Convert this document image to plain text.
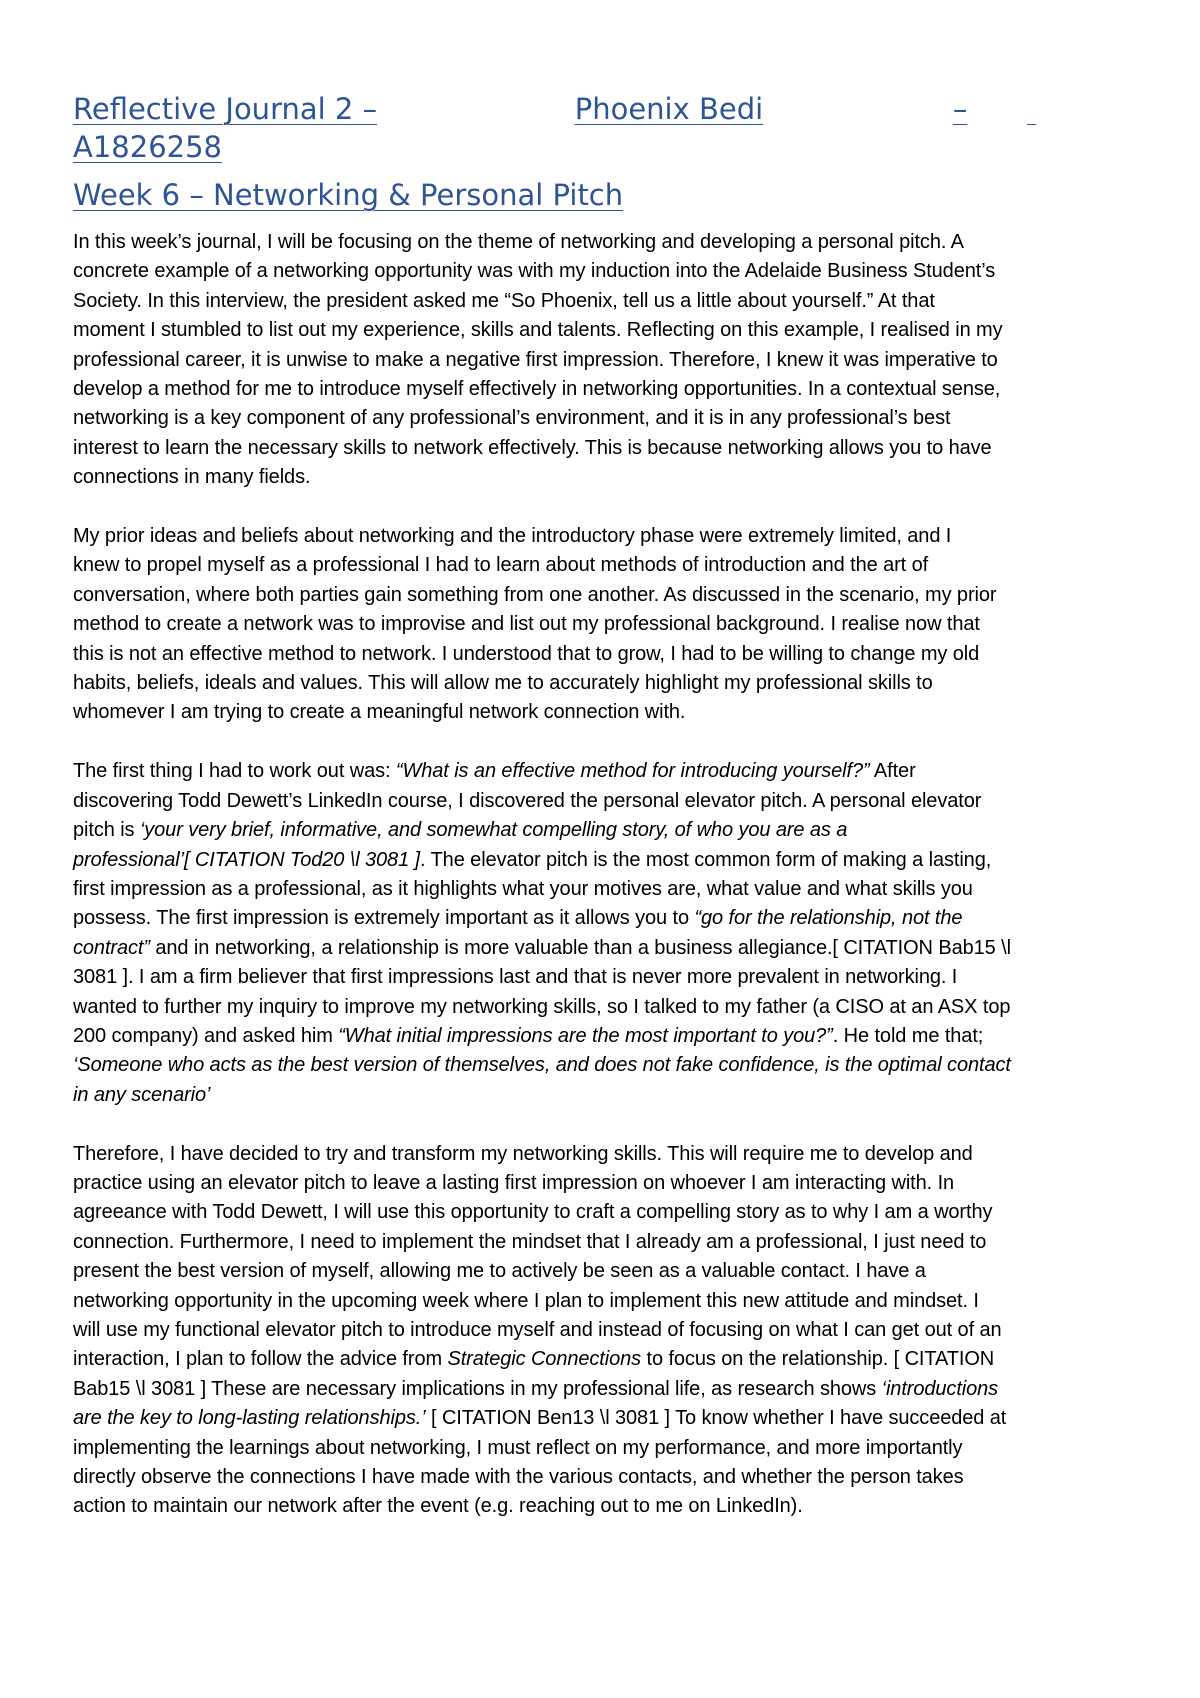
Reflective Journal 2 –	Phoenix Bedi	–

A1826258
Week 6 – Networking & Personal Pitch

In this week’s journal, I will be focusing on the theme of networking and developing a personal pitch. A
concrete example of a networking opportunity was with my induction into the Adelaide Business Student’s
Society. In this interview, the president asked me “So Phoenix, tell us a little about yourself.” At that
moment I stumbled to list out my experience, skills and talents. Reflecting on this example, I realised in my
professional career, it is unwise to make a negative first impression. Therefore, I knew it was imperative to
develop a method for me to introduce myself effectively in networking opportunities. In a contextual sense,
networking is a key component of any professional’s environment, and it is in any professional’s best
interest to learn the necessary skills to network effectively. This is because networking allows you to have
connections in many fields.

My prior ideas and beliefs about networking and the introductory phase were extremely limited, and I
knew to propel myself as a professional I had to learn about methods of introduction and the art of
conversation, where both parties gain something from one another. As discussed in the scenario, my prior
method to create a network was to improvise and list out my professional background. I realise now that
this is not an effective method to network. I understood that to grow, I had to be willing to change my old
habits, beliefs, ideals and values. This will allow me to accurately highlight my professional skills to
whomever I am trying to create a meaningful network connection with.

The first thing I had to work out was: “What is an effective method for introducing yourself?” After
discovering Todd Dewett’s LinkedIn course, I discovered the personal elevator pitch. A personal elevator
pitch is ‘your very brief, informative, and somewhat compelling story, of who you are as a
professional’[ CITATION Tod20 \l 3081 ]. The elevator pitch is the most common form of making a lasting,
first impression as a professional, as it highlights what your motives are, what value and what skills you
possess. The first impression is extremely important as it allows you to “go for the relationship, not the
contract” and in networking, a relationship is more valuable than a business allegiance.[ CITATION Bab15 \l
3081 ]. I am a firm believer that first impressions last and that is never more prevalent in networking. I
wanted to further my inquiry to improve my networking skills, so I talked to my father (a CISO at an ASX top
200 company) and asked him “What initial impressions are the most important to you?”. He told me that;
‘Someone who acts as the best version of themselves, and does not fake confidence, is the optimal contact
in any scenario’

Therefore, I have decided to try and transform my networking skills. This will require me to develop and
practice using an elevator pitch to leave a lasting first impression on whoever I am interacting with. In
agreeance with Todd Dewett, I will use this opportunity to craft a compelling story as to why I am a worthy
connection. Furthermore, I need to implement the mindset that I already am a professional, I just need to
present the best version of myself, allowing me to actively be seen as a valuable contact. I have a
networking opportunity in the upcoming week where I plan to implement this new attitude and mindset. I
will use my functional elevator pitch to introduce myself and instead of focusing on what I can get out of an
interaction, I plan to follow the advice from Strategic Connections to focus on the relationship. [ CITATION
Bab15 \l 3081 ] These are necessary implications in my professional life, as research shows ‘introductions
are the key to long-lasting relationships.’ [ CITATION Ben13 \l 3081 ] To know whether I have succeeded at
implementing the learnings about networking, I must reflect on my performance, and more importantly
directly observe the connections I have made with the various contacts, and whether the person takes
action to maintain our network after the event (e.g. reaching out to me on LinkedIn).
